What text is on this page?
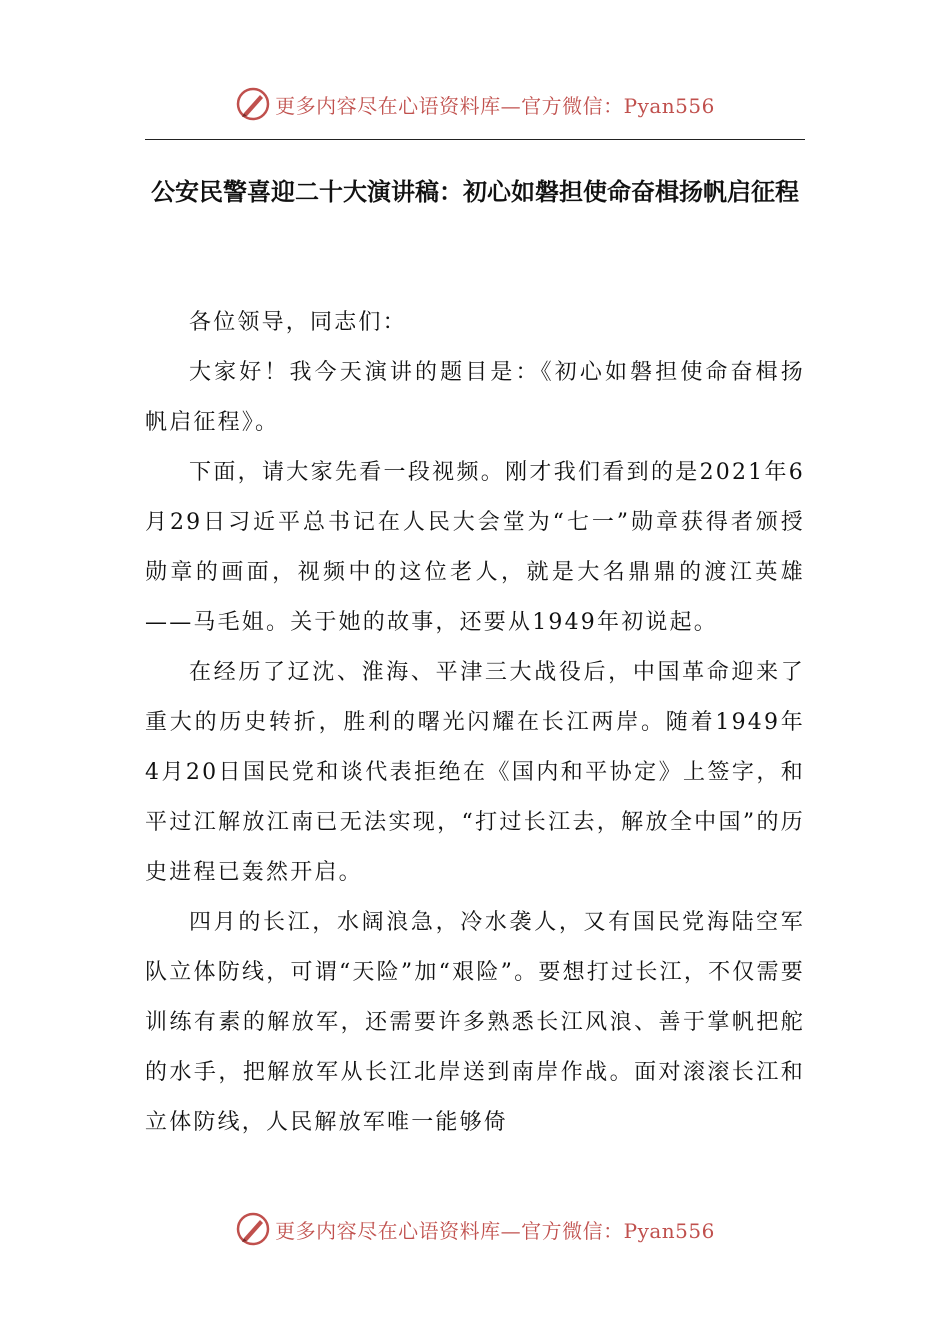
更多内容尽在心语资料库—官方微信：Pyan556
公安民警喜迎二十大演讲稿：初心如磐担使命奋楫扬帆启征程

各位领导，同志们：

大家好！我今天演讲的题目是：《初心如磐担使命奋楫扬帆启征程》。

下面，请大家先看一段视频。刚才我们看到的是2021年6月29日习近平总书记在人民大会堂为“七一”勋章获得者颁授勋章的画面，视频中的这位老人，就是大名鼎鼎的渡江英雄——马毛姐。关于她的故事，还要从1949年初说起。

在经历了辽沈、淮海、平津三大战役后，中国革命迎来了重大的历史转折，胜利的曙光闪耀在长江两岸。随着1949年4月20日国民党和谈代表拒绝在《国内和平协定》上签字，和平过江解放江南已无法实现，“打过长江去，解放全中国”的历史进程已轰然开启。

四月的长江，水阔浪急，冷水袭人，又有国民党海陆空军队立体防线，可谓“天险”加“艰险”。要想打过长江，不仅需要训练有素的解放军，还需要许多熟悉长江风浪、善于掌帆把舵的水手，把解放军从长江北岸送到南岸作战。面对滚滚长江和立体防线，人民解放军唯一能够倚

更多内容尽在心语资料库—官方微信：Pyan556
